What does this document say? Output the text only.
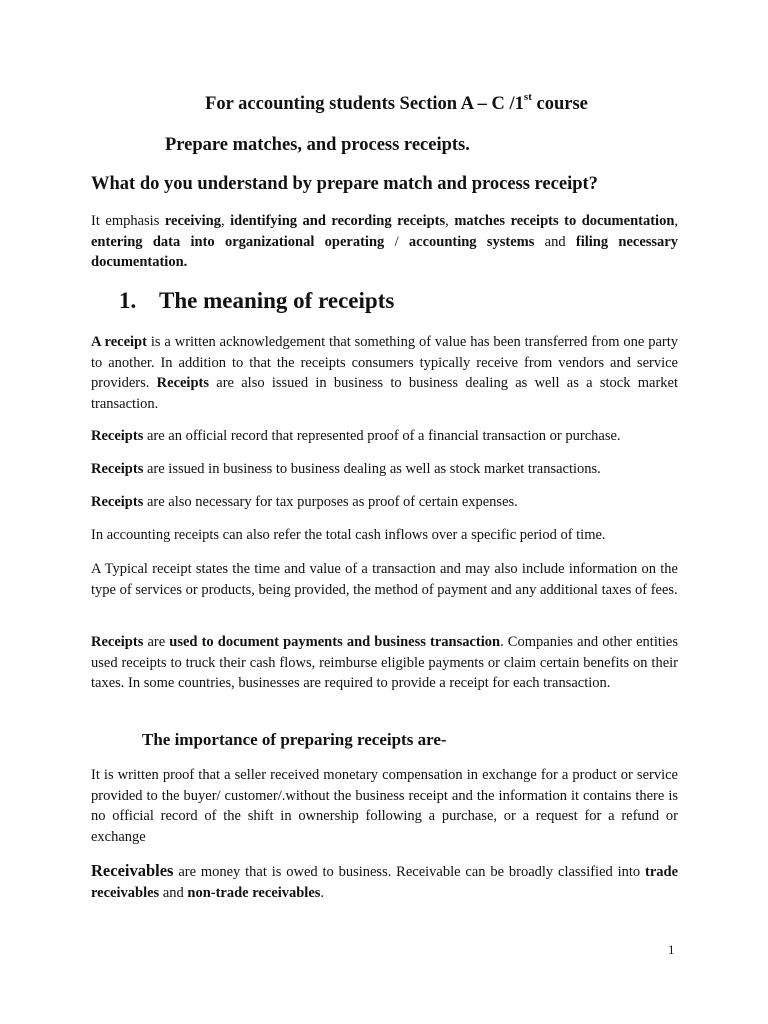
For accounting students Section A – C /1st course
Prepare matches, and process receipts.
What do you understand by prepare match and process receipt?

It emphasis receiving, identifying and recording receipts, matches receipts to documentation, entering data into organizational operating / accounting systems and filing necessary documentation.

1. The meaning of receipts

A receipt is a written acknowledgement that something of value has been transferred from one party to another. In addition to that the receipts consumers typically receive from vendors and service providers. Receipts are also issued in business to business dealing as well as a stock market transaction.

Receipts are an official record that represented proof of a financial transaction or purchase.

Receipts are issued in business to business dealing as well as stock market transactions.

Receipts are also necessary for tax purposes as proof of certain expenses.

In accounting receipts can also refer the total cash inflows over a specific period of time.

A Typical receipt states the time and value of a transaction and may also include information on the type of services or products, being provided, the method of payment and any additional taxes of fees.

Receipts are used to document payments and business transaction. Companies and other entities used receipts to truck their cash flows, reimburse eligible payments or claim certain benefits on their taxes. In some countries, businesses are required to provide a receipt for each transaction.

The importance of preparing receipts are-

It is written proof that a seller received monetary compensation in exchange for a product or service provided to the buyer/ customer/.without the business receipt and the information it contains there is no official record of the shift in ownership following a purchase, or a request for a refund or exchange

Receivables are money that is owed to business. Receivable can be broadly classified into trade receivables and non-trade receivables.

1
